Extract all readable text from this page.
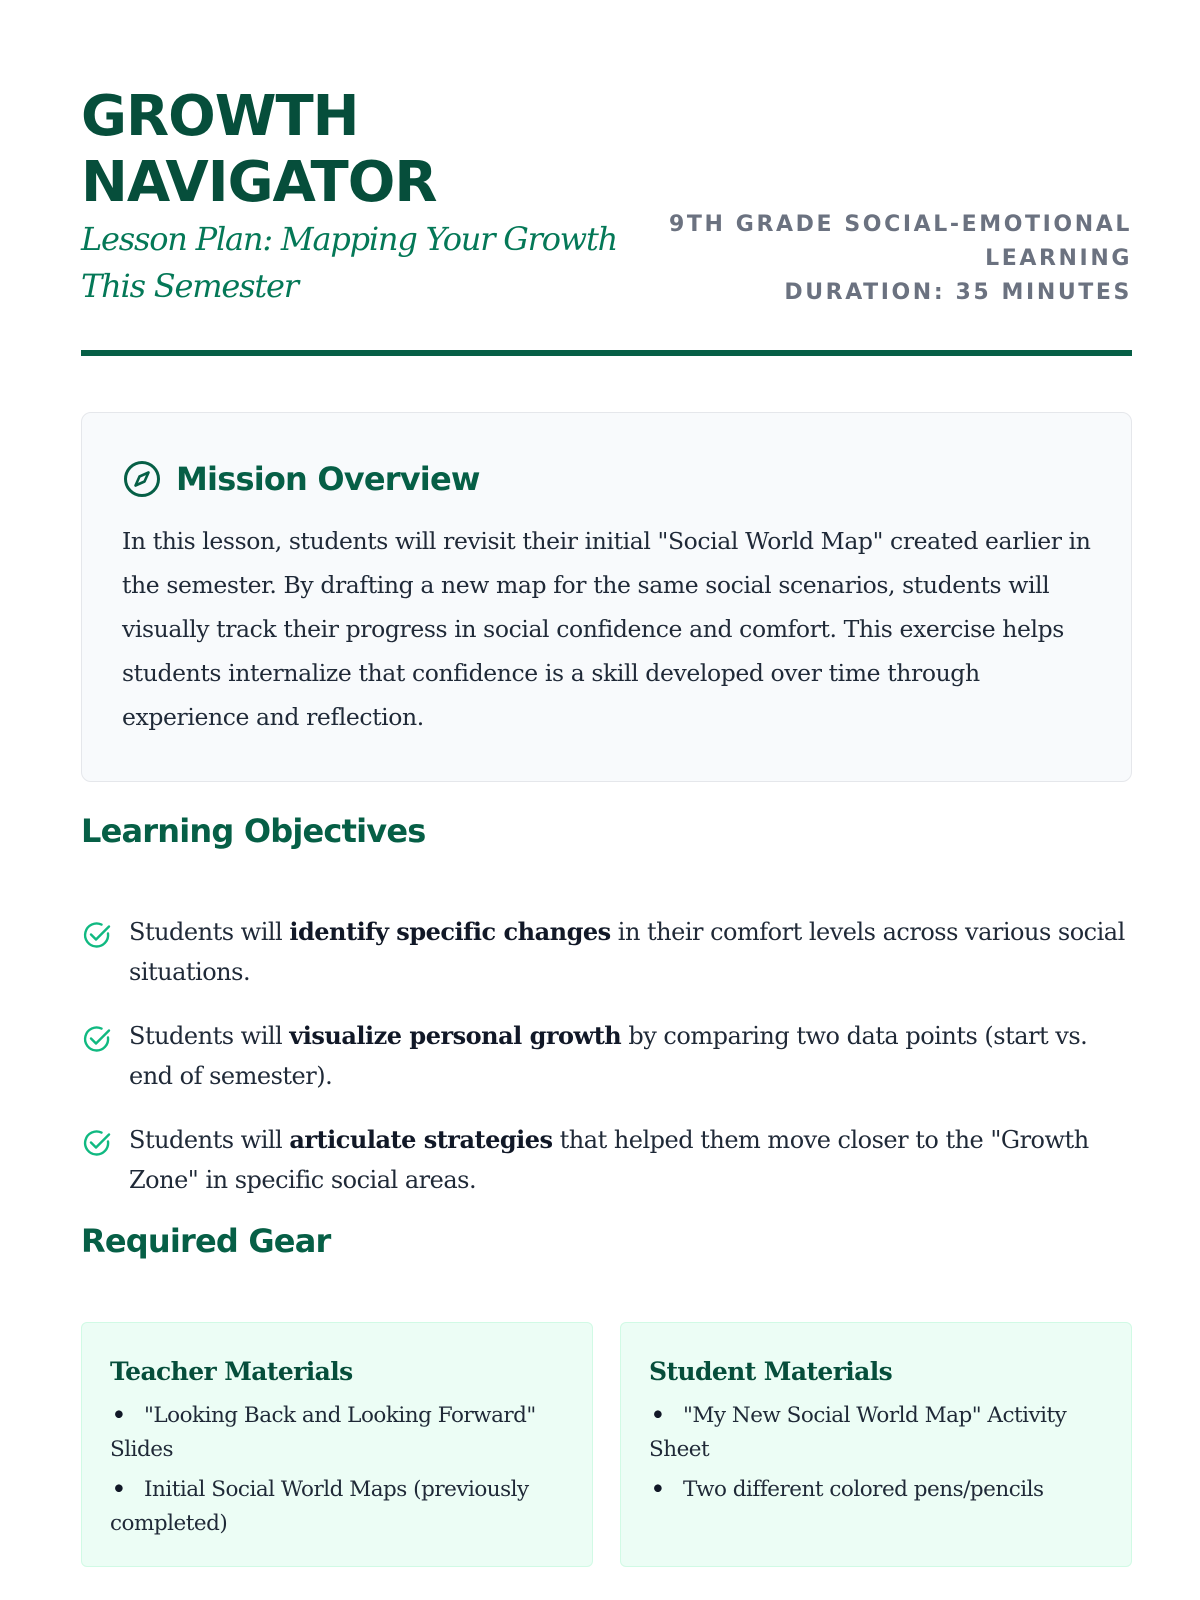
GROWTH
NAVIGATOR
Lesson Plan: Mapping Your Growth
This Semester
9TH GRADE SOCIAL-EMOTIONAL
LEARNING
DURATION: 35 MINUTES
Mission Overview

In this lesson, students will revisit their initial "Social World Map" created earlier in the semester. By drafting a new map for the same social scenarios, students will visually track their progress in social confidence and comfort. This exercise helps students internalize that confidence is a skill developed over time through experience and reflection.

Learning Objectives
Students will identify specific changes in their comfort levels across various social situations.
Students will visualize personal growth by comparing two data points (start vs. end of semester).
Students will articulate strategies that helped them move closer to the "Growth Zone" in specific social areas.
Required Gear
Teacher Materials
• "Looking Back and Looking Forward" Slides
• Initial Social World Maps (previously completed)
Student Materials
• "My New Social World Map" Activity Sheet
• Two different colored pens/pencils
